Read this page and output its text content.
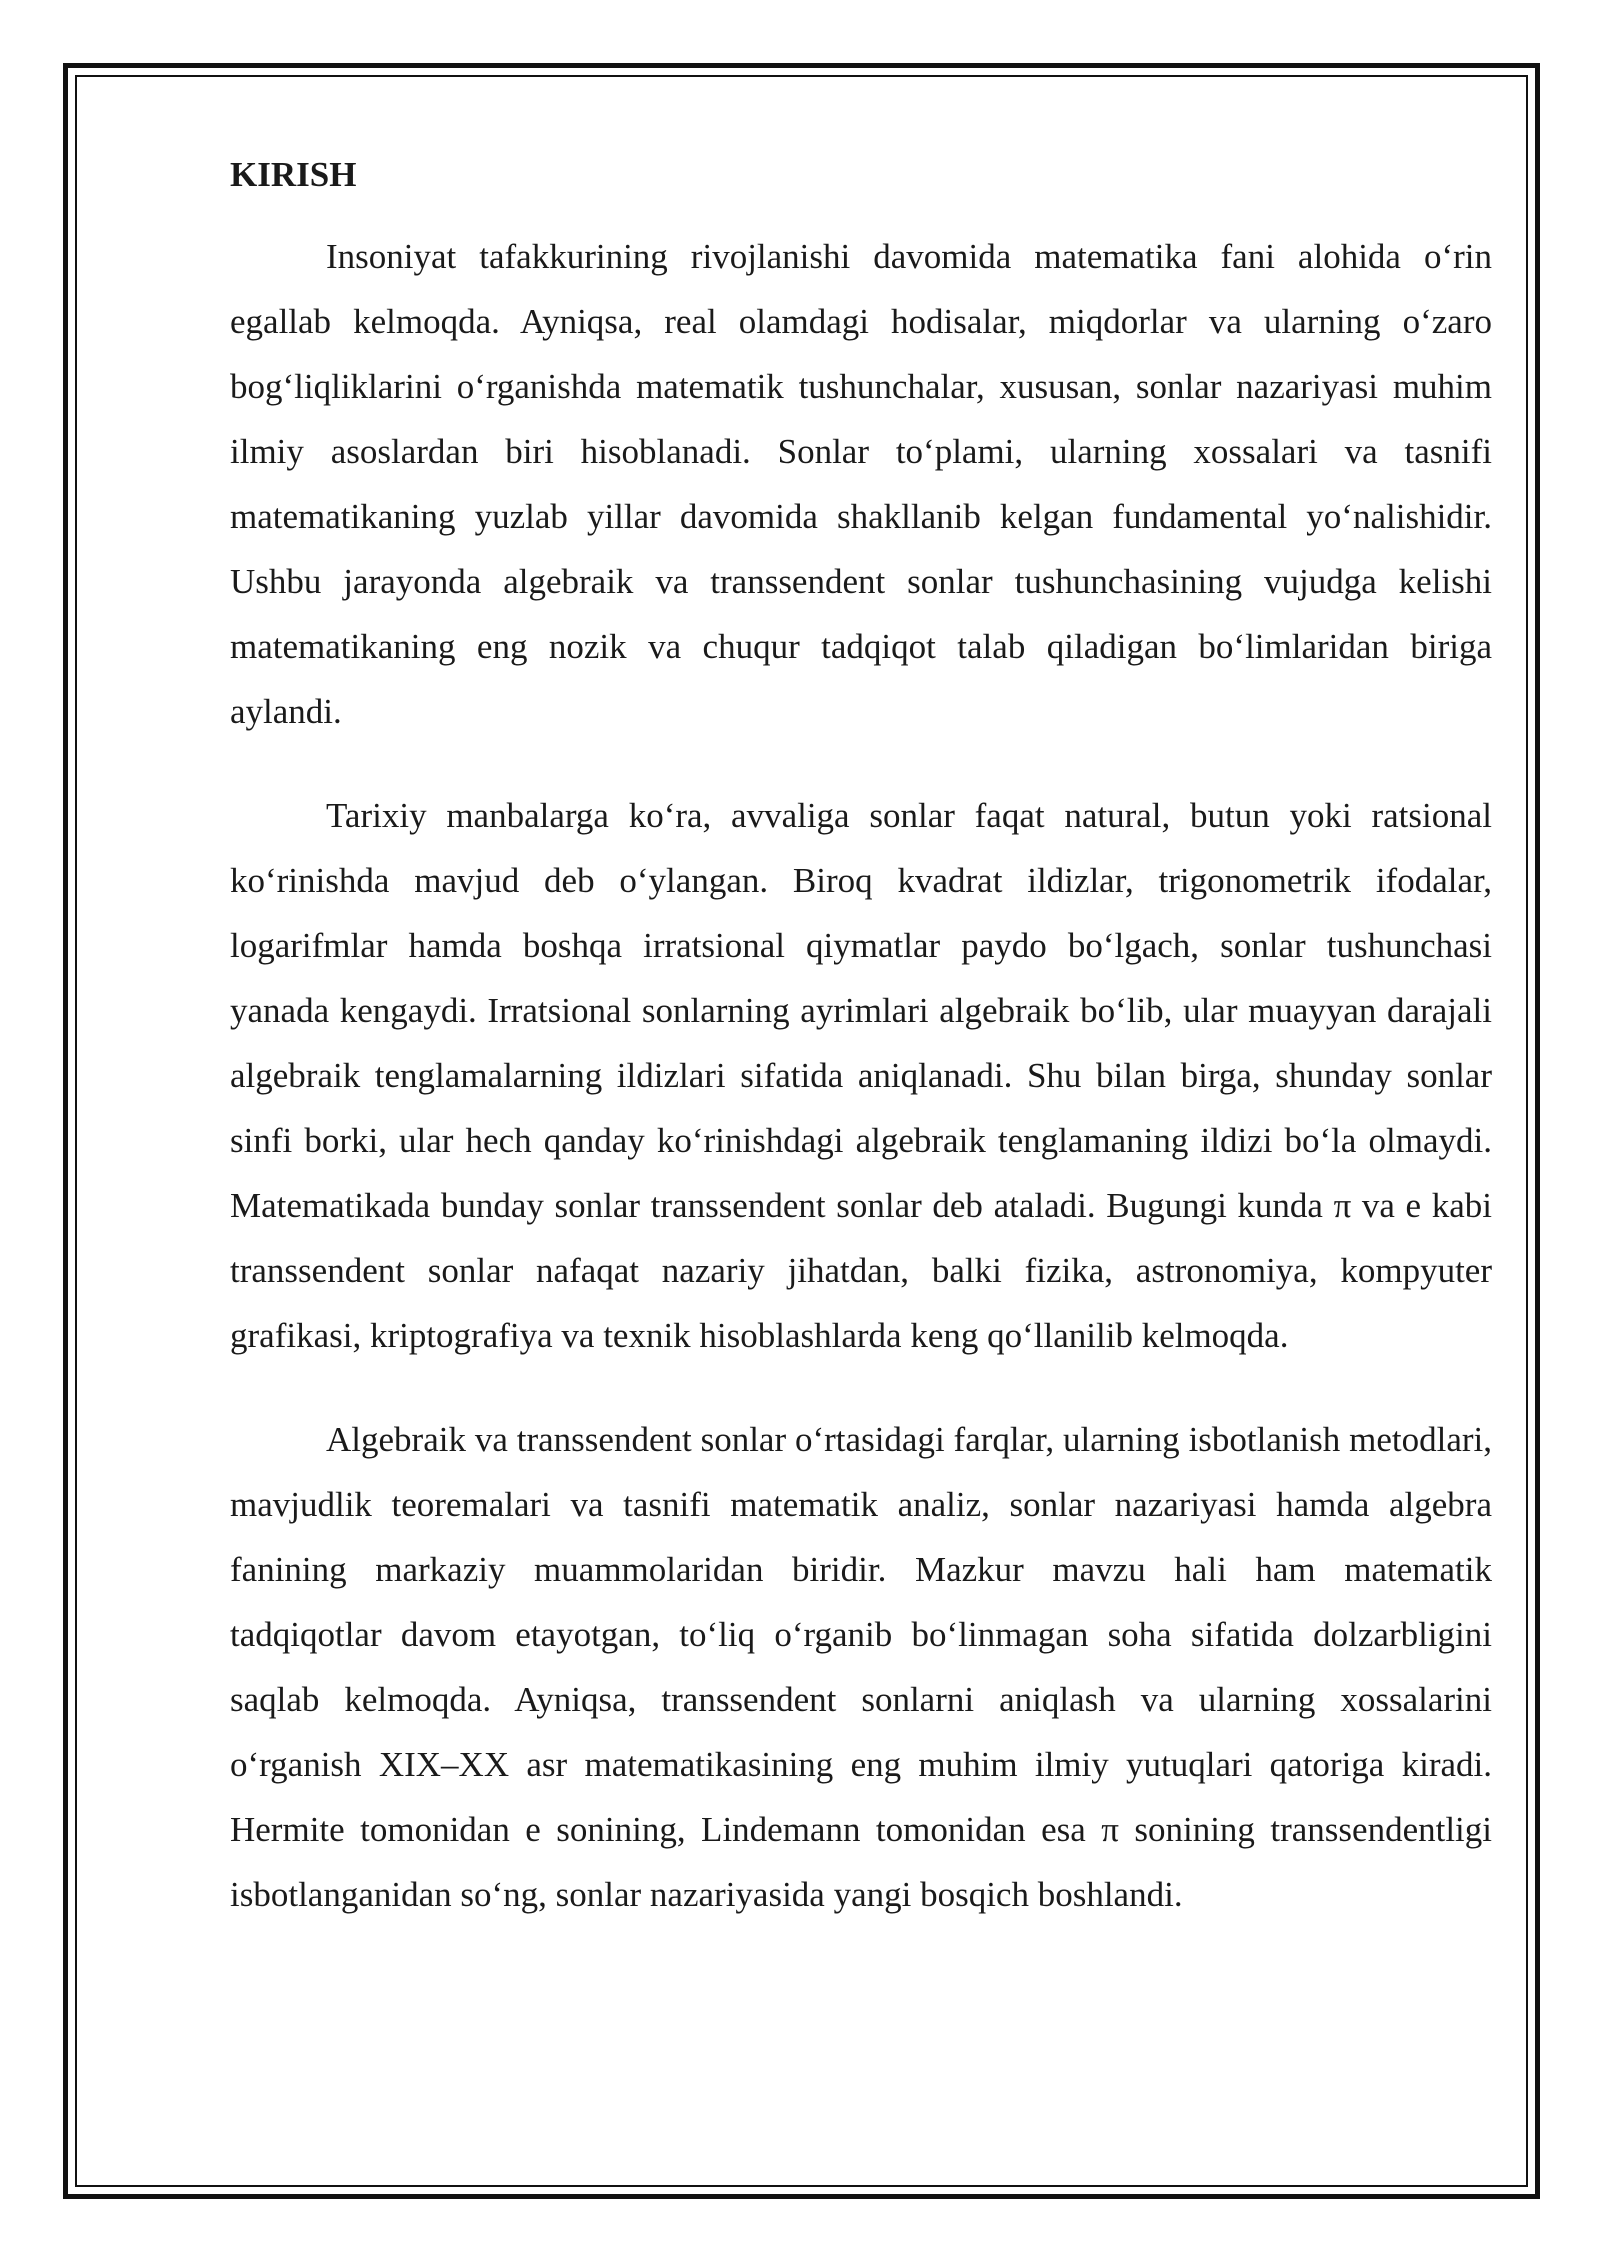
KIRISH

Insoniyat tafakkurining rivojlanishi davomida matematika fani alohida o‘rin egallab kelmoqda. Ayniqsa, real olamdagi hodisalar, miqdorlar va ularning o‘zaro bog‘liqliklarini o‘rganishda matematik tushunchalar, xususan, sonlar nazariyasi muhim ilmiy asoslardan biri hisoblanadi. Sonlar to‘plami, ularning xossalari va tasnifi matematikaning yuzlab yillar davomida shakllanib kelgan fundamental yo‘nalishidir. Ushbu jarayonda algebraik va transsendent sonlar tushunchasining vujudga kelishi matematikaning eng nozik va chuqur tadqiqot talab qiladigan bo‘limlaridan biriga aylandi.

Tarixiy manbalarga ko‘ra, avvaliga sonlar faqat natural, butun yoki ratsional ko‘rinishda mavjud deb o‘ylangan. Biroq kvadrat ildizlar, trigonometrik ifodalar, logarifmlar hamda boshqa irratsional qiymatlar paydo bo‘lgach, sonlar tushunchasi yanada kengaydi. Irratsional sonlarning ayrimlari algebraik bo‘lib, ular muayyan darajali algebraik tenglamalarning ildizlari sifatida aniqlanadi. Shu bilan birga, shunday sonlar sinfi borki, ular hech qanday ko‘rinishdagi algebraik tenglamaning ildizi bo‘la olmaydi. Matematikada bunday sonlar transsendent sonlar deb ataladi. Bugungi kunda π va e kabi transsendent sonlar nafaqat nazariy jihatdan, balki fizika, astronomiya, kompyuter grafikasi, kriptografiya va texnik hisoblashlarda keng qo‘llanilib kelmoqda.

Algebraik va transsendent sonlar o‘rtasidagi farqlar, ularning isbotlanish metodlari, mavjudlik teoremalari va tasnifi matematik analiz, sonlar nazariyasi hamda algebra fanining markaziy muammolaridan biridir. Mazkur mavzu hali ham matematik tadqiqotlar davom etayotgan, to‘liq o‘rganib bo‘linmagan soha sifatida dolzarbligini saqlab kelmoqda. Ayniqsa, transsendent sonlarni aniqlash va ularning xossalarini o‘rganish XIX–XX asr matematikasining eng muhim ilmiy yutuqlari qatoriga kiradi. Hermite tomonidan e sonining, Lindemann tomonidan esa π sonining transsendentligi isbotlanganidan so‘ng, sonlar nazariyasida yangi bosqich boshlandi.
